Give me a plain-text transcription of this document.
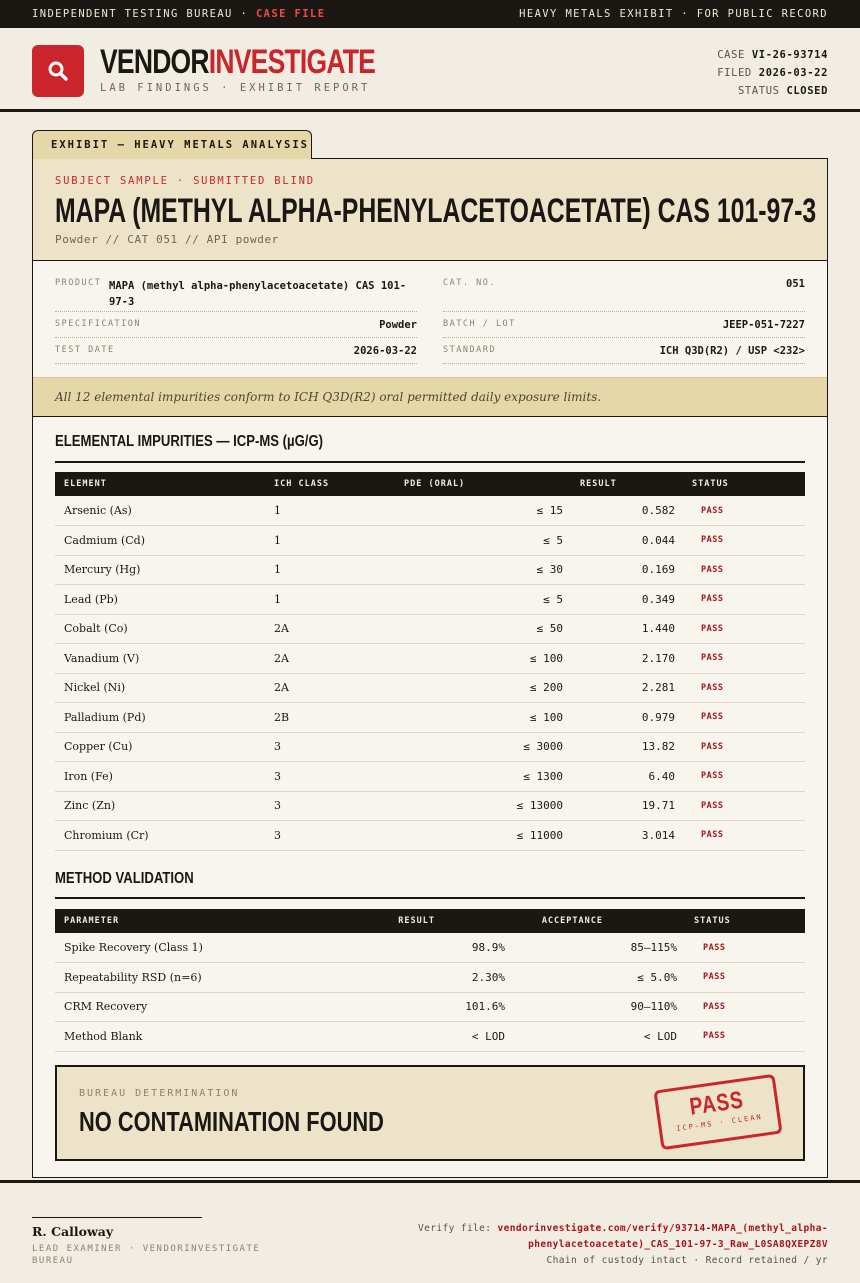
INDEPENDENT TESTING BUREAU · CASE FILE	HEAVY METALS EXHIBIT · FOR PUBLIC RECORD
VENDORINVESTIGATE
LAB FINDINGS · EXHIBIT REPORT
CASE VI-26-93714
FILED 2026-03-22
STATUS CLOSED
EXHIBIT — HEAVY METALS ANALYSIS
SUBJECT SAMPLE · SUBMITTED BLIND
MAPA (METHYL ALPHA-PHENYLACETOACETATE) CAS 101-97-3
Powder // CAT 051 // API powder
PRODUCT MAPA (methyl alpha-phenylacetoacetate) CAS 101-97-3
CAT. NO.	051
SPECIFICATION	Powder	BATCH / LOT	JEEP-051-7227
TEST DATE	2026-03-22	STANDARD	ICH Q3D(R2) / USP <232>
All 12 elemental impurities conform to ICH Q3D(R2) oral permitted daily exposure limits.
ELEMENTAL IMPURITIES — ICP-MS (µG/G)
ELEMENT	ICH CLASS	PDE (ORAL)	RESULT	STATUS
Arsenic (As)	1	≤ 15	0.582	PASS
Cadmium (Cd)	1	≤ 5	0.044	PASS
Mercury (Hg)	1	≤ 30	0.169	PASS
Lead (Pb)	1	≤ 5	0.349	PASS
Cobalt (Co)	2A	≤ 50	1.440	PASS
Vanadium (V)	2A	≤ 100	2.170	PASS
Nickel (Ni)	2A	≤ 200	2.281	PASS
Palladium (Pd)	2B	≤ 100	0.979	PASS
Copper (Cu)	3	≤ 3000	13.82	PASS
Iron (Fe)	3	≤ 1300	6.40	PASS
Zinc (Zn)	3	≤ 13000	19.71	PASS
Chromium (Cr)	3	≤ 11000	3.014	PASS
METHOD VALIDATION
PARAMETER	RESULT	ACCEPTANCE	STATUS
Spike Recovery (Class 1)	98.9%	85–115%	PASS
Repeatability RSD (n=6)	2.30%	≤ 5.0%	PASS
CRM Recovery	101.6%	90–110%	PASS
Method Blank	< LOD	< LOD	PASS
BUREAU DETERMINATION
NO CONTAMINATION FOUND
PASS
ICP-MS · CLEAN
R. Calloway
LEAD EXAMINER · VENDORINVESTIGATE BUREAU
Verify file: vendorinvestigate.com/verify/93714-MAPA_(methyl_alpha-phenylacetoacetate)_CAS_101-97-3_Raw_L0SA8QXEPZ8V
Chain of custody intact · Record retained / yr
